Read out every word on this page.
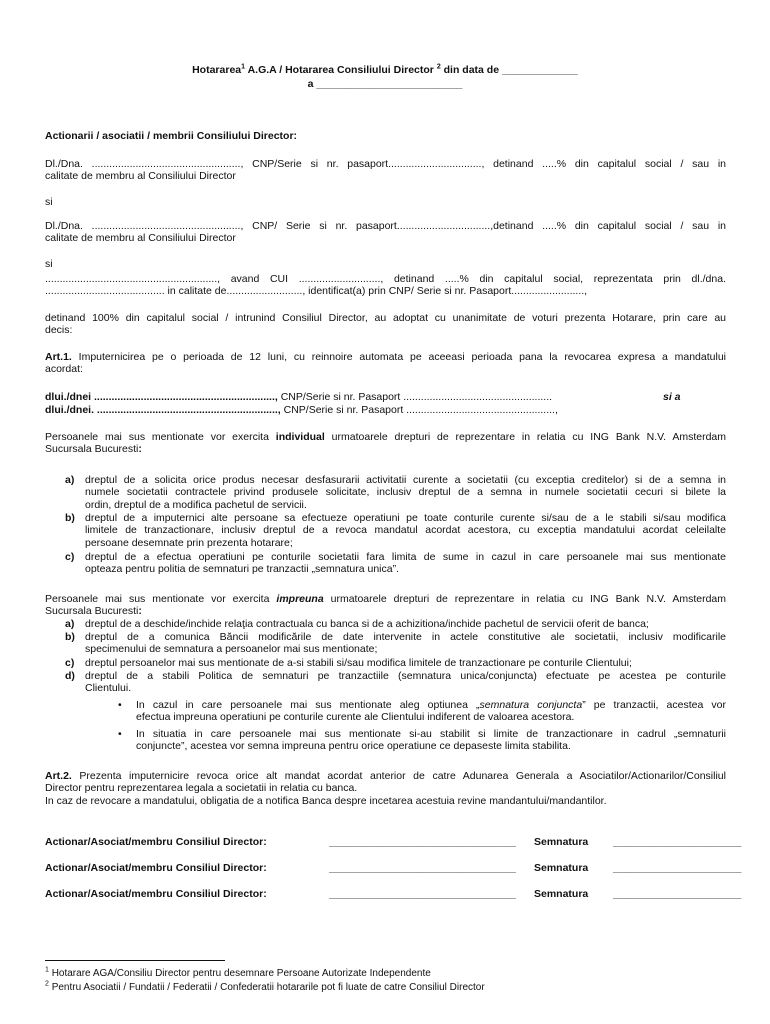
Hotararea$^1$ A.G.A / Hotararea Consiliului Director $^2$ din data de _____________
a _________________________
Actionarii / asociatii / membrii Consiliului Director:
Dl./Dna. ..................................................., CNP/Serie si nr. pasaport................................, detinand .....% din capitalul social / sau in
calitate de membru al Consiliului Director
si
Dl./Dna. ..................................................., CNP/ Serie si nr. pasaport................................,detinand .....% din capitalul social / sau in
calitate de membru al Consiliului Director
si
..........................................................., avand CUI ............................, detinand .....% din capitalul social, reprezentata prin dl./dna.
......................................... in calitate de.........................., identificat(a) prin CNP/ Serie si nr. Pasaport.........................,
detinand 100% din capitalul social / intrunind Consiliul Director, au adoptat cu unanimitate de voturi prezenta Hotarare, prin care au
decis:
Art.1. Imputernicirea pe o perioada de 12 luni, cu reinnoire automata pe aceeasi perioada pana la revocarea expresa a mandatului
acordat:
dlui./dnei .............................................................., CNP/Serie si nr. Pasaport ...................................................	si a
dlui./dnei. .............................................................., CNP/Serie si nr. Pasaport ...................................................,
Persoanele mai sus mentionate vor exercita individual urmatoarele drepturi de reprezentare in relatia cu ING Bank N.V. Amsterdam
Sucursala Bucuresti:
a) dreptul de a solicita orice produs necesar desfasurarii activitatii curente a societatii (cu exceptia creditelor) si de a semna in
numele societatii contractele privind produsele solicitate, inclusiv dreptul de a semna in numele societatii cecuri si bilete la
ordin, dreptul de a modifica pachetul de servicii.
b) dreptul de a imputernici alte persoane sa efectueze operatiuni pe toate conturile curente si/sau de a le stabili si/sau modifica
limitele de tranzactionare, inclusiv dreptul de a revoca mandatul acordat acestora, cu exceptia mandatului acordat celeilalte
persoane desemnate prin prezenta hotarare;
c) dreptul de a efectua operatiuni pe conturile societatii fara limita de sume in cazul in care persoanele mai sus mentionate
opteaza pentru politia de semnaturi pe tranzactii „semnatura unica”.
Persoanele mai sus mentionate vor exercita impreuna urmatoarele drepturi de reprezentare in relatia cu ING Bank N.V. Amsterdam
Sucursala Bucuresti:
a) dreptul de a deschide/inchide relaţia contractuala cu banca si de a achizitiona/inchide pachetul de servicii oferit de banca;
b) dreptul de a comunica Băncii modificările de date intervenite in actele constitutive ale societatii, inclusiv modificarile
specimenului de semnatura a persoanelor mai sus mentionate;
c) dreptul persoanelor mai sus mentionate de a-si stabili si/sau modifica limitele de tranzactionare pe conturile Clientului;
d) dreptul de a stabili Politica de semnaturi pe tranzactiile (semnatura unica/conjuncta) efectuate pe acestea pe conturile
Clientului.
• In cazul in care persoanele mai sus mentionate aleg optiunea „semnatura conjuncta” pe tranzactii, acestea vor
efectua impreuna operatiuni pe conturile curente ale Clientului indiferent de valoarea acestora.
• In situatia in care persoanele mai sus mentionate si-au stabilit si limite de tranzactionare in cadrul „semnaturii
conjuncte”, acestea vor semna impreuna pentru orice operatiune ce depaseste limita stabilita.
Art.2. Prezenta imputernicire revoca orice alt mandat acordat anterior de catre Adunarea Generala a Asociatilor/Actionarilor/Consiliul
Director pentru reprezentarea legala a societatii in relatia cu banca.
In caz de revocare a mandatului, obligatia de a notifica Banca despre incetarea acestuia revine mandantului/mandantilor.
Actionar/Asociat/membru Consiliul Director:	________________________________ Semnatura ______________________
Actionar/Asociat/membru Consiliul Director:	________________________________ Semnatura ______________________
Actionar/Asociat/membru Consiliul Director:	________________________________ Semnatura ______________________
$^1$ Hotarare AGA/Consiliu Director pentru desemnare Persoane Autorizate Independente
$^2$ Pentru Asociatii / Fundatii / Federatii / Confederatii hotararile pot fi luate de catre Consiliul Director
